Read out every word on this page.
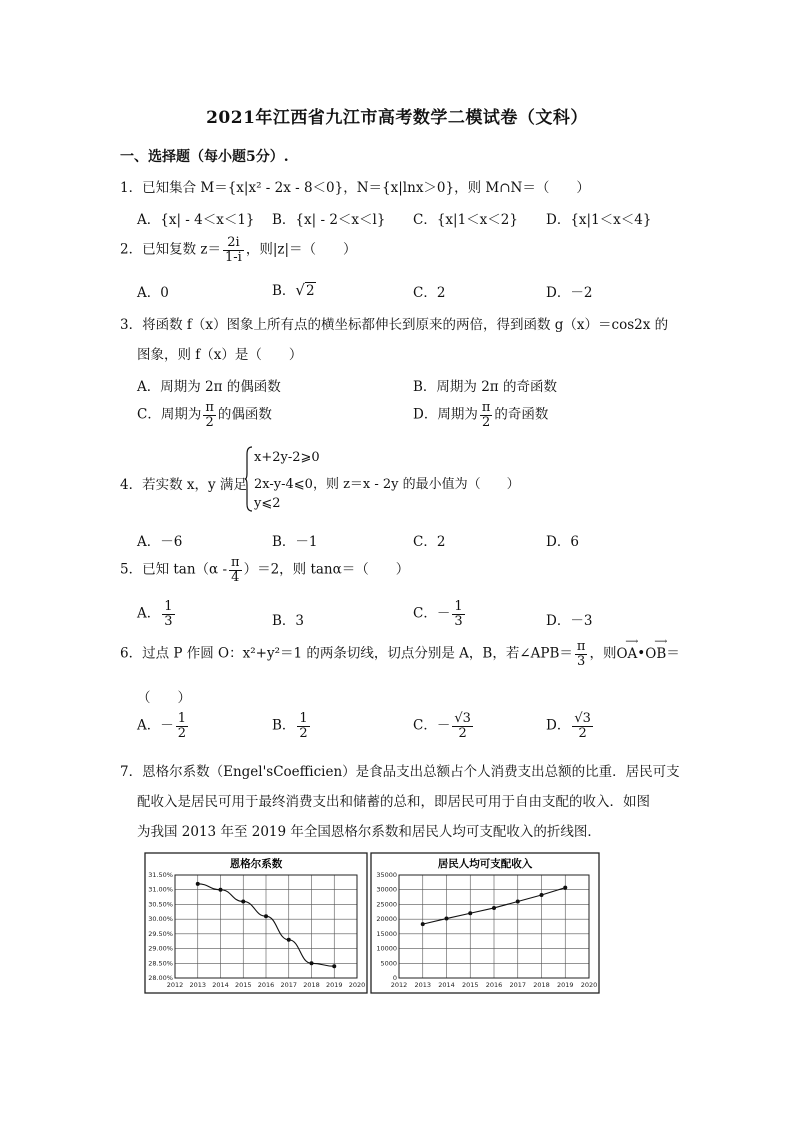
2021年江西省九江市高考数学二模试卷（文科）
一、选择题（每小题5分）.
1．已知集合 M＝{x|x² - 2x - 8＜0}，N＝{x|lnx＞0}，则 M∩N＝（　　）
A．{x| - 4＜x＜1} B．{x| - 2＜x＜l} C．{x|1＜x＜2} D．{x|1＜x＜4}
2．已知复数 $z= \frac{2i}{1-i}$ ，则|z|＝（　　）
A．0	B．√2	C．2	D．－2
3．将函数 f（x）图象上所有点的横坐标都伸长到原来的两倍，得到函数 g（x）＝cos2x 的
图象，则 f（x）是（　　）
A．周期为 2π 的偶函数	B．周期为 2π 的奇函数
C．周期为 $\frac{\pi}{2}$ 的偶函数	D．周期为 $\frac{\pi}{2}$ 的奇函数
4．若实数 x，y 满足
x+2y-2⩾0
2x-y-4⩽0，则 z＝x - 2y 的最小值为（　　）
y⩽2
A．－6	B．－1	C．2	D．6
5．已知 $\tan(\alpha - \frac{\pi}{4} )=2$，则 tanα＝（　　）
A． $\frac{1}{3}$	B．3	C．－ $\frac{1}{3}$	D．－3
6．过点 P 作圆 O：x²+y²＝1 的两条切线，切点分别是 A，B，若∠APB＝ $\frac{\pi}{3}$ ，则
⟶
OA•
⟶
OB＝
（　　）
A．－ $\frac{1}{2}$	B． $\frac{1}{2}$	C．－ $\frac{√3}{2}$	D． $\frac{√3}{2}$
7．恩格尔系数（Engel'sCoefficien）是食品支出总额占个人消费支出总额的比重．居民可支
配收入是居民可用于最终消费支出和储蓄的总和，即居民可用于自由支配的收入．如图
为我国 2013 年至 2019 年全国恩格尔系数和居民人均可支配收入的折线图．
恩格尔系数
31.50%
31.00%
30.50%
30.00%
29.50%
29.00%
28.50%
28.00%
2012 2013 2014 2015 2016 2017 2018 2019 2020
居民人均可支配收入
35000
30000
25000
20000
15000
10000
5000
0
2012 2013 2014 2015 2016 2017 2018 2019 2020
